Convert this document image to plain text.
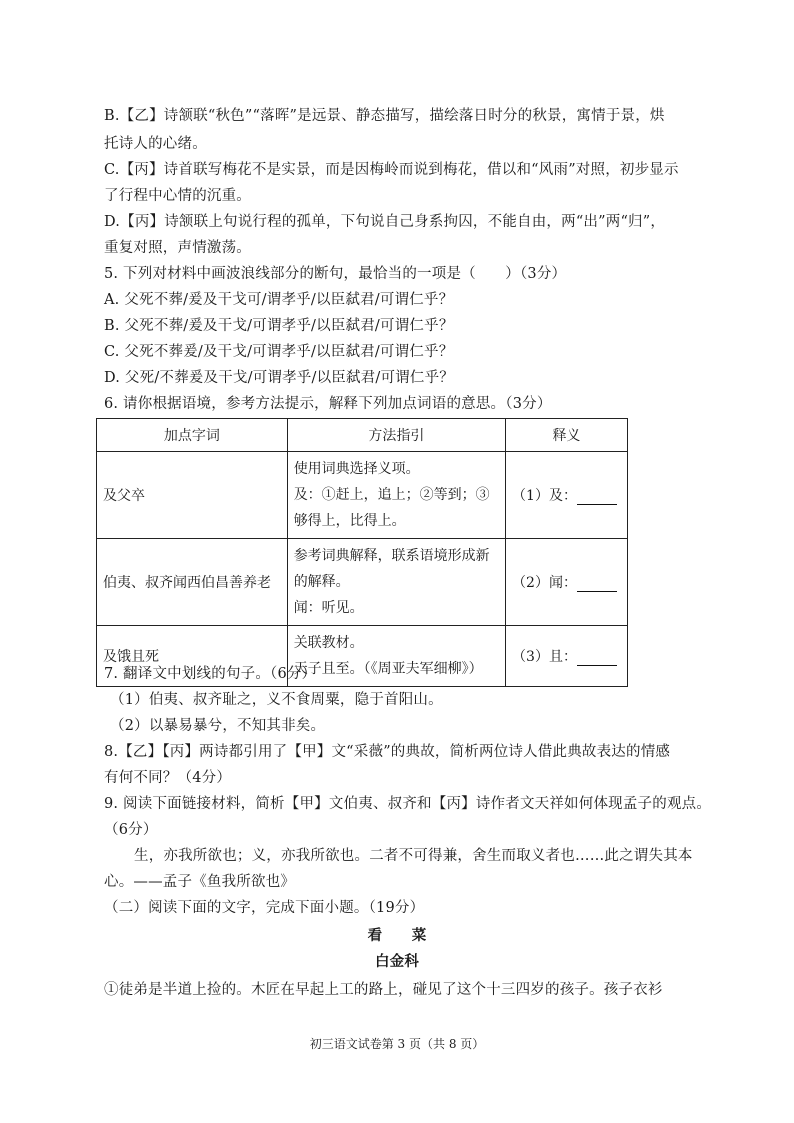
B.【乙】诗颔联“秋色”“落晖”是远景、静态描写，描绘落日时分的秋景，寓情于景，烘
托诗人的心绪。
C.【丙】诗首联写梅花不是实景，而是因梅岭而说到梅花，借以和“风雨”对照，初步显示
了行程中心情的沉重。
D.【丙】诗颔联上句说行程的孤单，下句说自己身系拘囚，不能自由，两“出”两“归”，
重复对照，声情激荡。
5. 下列对材料中画波浪线部分的断句，最恰当的一项是（　　）（3分）
A. 父死不葬/爰及干戈可/谓孝乎/以臣弑君/可谓仁乎？
B. 父死不葬/爰及干戈/可谓孝乎/以臣弑君/可谓仁乎？
C. 父死不葬爰/及干戈/可谓孝乎/以臣弑君/可谓仁乎？
D. 父死/不葬爰及干戈/可谓孝乎/以臣弑君/可谓仁乎？
6. 请你根据语境，参考方法提示，解释下列加点词语的意思。（3分）
加点字词	方法指引	释义
及父卒	使用词典选择义项。
及：①赶上，追上；②等到；③
够得上，比得上。	（1）及：
伯夷、叔齐闻西伯昌善养老	参考词典解释，联系语境形成新
的解释。
闻：听见。	（2）闻：
及饿且死	关联教材。
天子且至。（《周亚夫军细柳》）	（3）且：
7. 翻译文中划线的句子。（6分）
（1）伯夷、叔齐耻之，义不食周粟，隐于首阳山。
（2）以暴易暴兮，不知其非矣。
8.【乙】【丙】两诗都引用了【甲】文“采薇”的典故，简析两位诗人借此典故表达的情感
有何不同？（4分）
9. 阅读下面链接材料，简析【甲】文伯夷、叔齐和【丙】诗作者文天祥如何体现孟子的观点。
（6分）
生，亦我所欲也；义，亦我所欲也。二者不可得兼，舍生而取义者也……此之谓失其本
心。——孟子《鱼我所欲也》
（二）阅读下面的文字，完成下面小题。（19分）
看　　菜
白金科
①徒弟是半道上捡的。木匠在早起上工的路上，碰见了这个十三四岁的孩子。孩子衣衫
初三语文试卷第 3 页（共 8 页）
